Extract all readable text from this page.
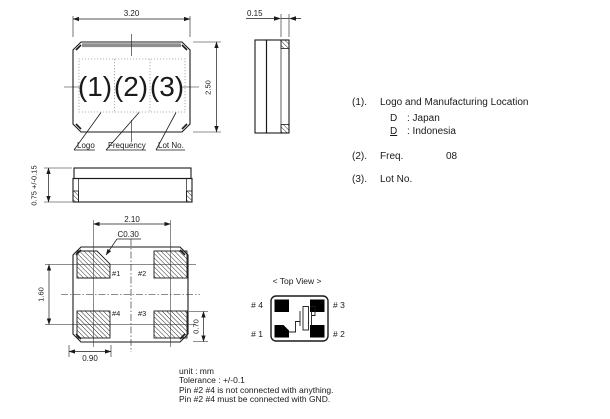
3.20
2.50
(1) (2) (3)
Logo Frequency Lot No.
0.15
0.75 +/-0.15
2.10
C0.30
1.60
0.90
0.70
#1 #2
#4 #3
< Top View >
# 4	# 3
# 1	# 2
(1). Logo and Manufacturing Location
D : Japan
D : Indonesia
(2). Freq.	08
(3). Lot No.
unit : mm
Tolerance : +/-0.1
Pin #2 #4 is not connected with anything.
Pin #2 #4 must be connected with GND.
